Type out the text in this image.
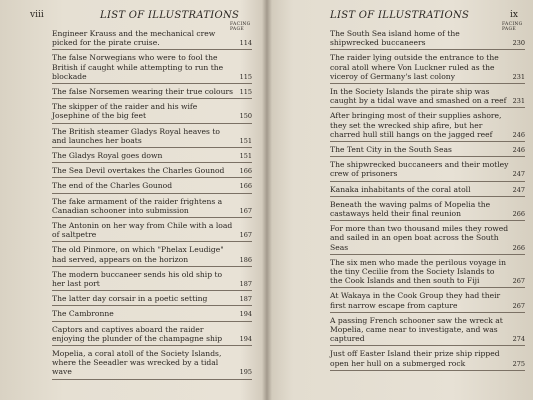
viii	LIST OF ILLUSTRATIONS
FACING PAGE
Engineer Krauss and the mechanical crew picked for the pirate cruise.	114
The false Norwegians who were to fool the British if caught while attempting to run the blockade	115
The false Norsemen wearing their true colours	115
The skipper of the raider and his wife Josephine of the big feet	150
The British steamer Gladys Royal heaves to and launches her boats	151
The Gladys Royal goes down	151
The Sea Devil overtakes the Charles Gounod	166
The end of the Charles Gounod	166
The fake armament of the raider frightens a Canadian schooner into submission	167
The Antonin on her way from Chile with a load of saltpetre	167
The old Pinmore, on which "Phelax Leudige" had served, appears on the horizon	186
The modern buccaneer sends his old ship to her last port	187
The latter day corsair in a poetic setting	187
The Cambronne	194
Captors and captives aboard the raider enjoying the plunder of the champagne ship	194
Mopelia, a coral atoll of the Society Islands, where the Seeadler was wrecked by a tidal wave	195
LIST OF ILLUSTRATIONS	ix
FACING PAGE
The South Sea island home of the shipwrecked buccaneers	230
The raider lying outside the entrance to the coral atoll where Von Luckner ruled as the viceroy of Germany's last colony	231
In the Society Islands the pirate ship was caught by a tidal wave and smashed on a reef 231
After bringing most of their supplies ashore, they set the wrecked ship afire, but her charred hull still hangs on the jagged reef	246
The Tent City in the South Seas	246
The shipwrecked buccaneers and their motley crew of prisoners	247
Kanaka inhabitants of the coral atoll	247
Beneath the waving palms of Mopelia the castaways held their final reunion	266
For more than two thousand miles they rowed and sailed in an open boat across the South Seas	266
The six men who made the perilous voyage in the tiny Cecilie from the Society Islands to the Cook Islands and then south to Fiji	267
At Wakaya in the Cook Group they had their first narrow escape from capture	267
A passing French schooner saw the wreck at Mopelia, came near to investigate, and was captured	274
Just off Easter Island their prize ship ripped open her hull on a submerged rock	275
